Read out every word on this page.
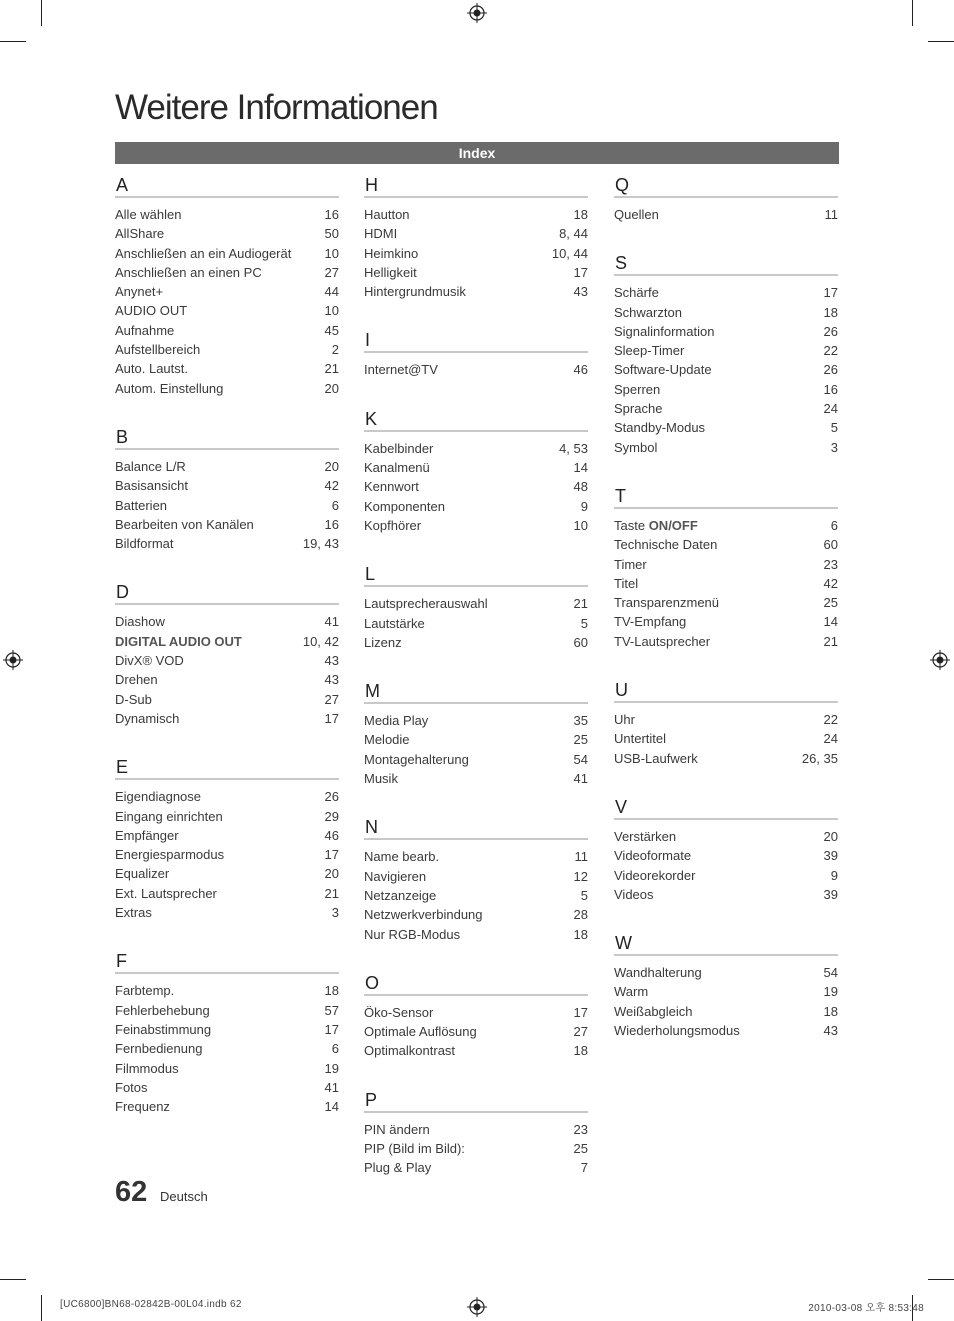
Weitere Informationen
Index
A
Alle wählen	16
AllShare	50
Anschließen an ein Audiogerät	10
Anschließen an einen PC	27
Anynet+	44
AUDIO OUT	10
Aufnahme	45
Aufstellbereich	2
Auto. Lautst.	21
Autom. Einstellung	20
B
Balance L/R	20
Basisansicht	42
Batterien	6
Bearbeiten von Kanälen	16
Bildformat	19, 43
D
Diashow	41
DIGITAL AUDIO OUT	10, 42
DivX® VOD	43
Drehen	43
D-Sub	27
Dynamisch	17
E
Eigendiagnose	26
Eingang einrichten	29
Empfänger	46
Energiesparmodus	17
Equalizer	20
Ext. Lautsprecher	21
Extras	3
F
Farbtemp.	18
Fehlerbehebung	57
Feinabstimmung	17
Fernbedienung	6
Filmmodus	19
Fotos	41
Frequenz	14
H
Hautton	18
HDMI	8, 44
Heimkino	10, 44
Helligkeit	17
Hintergrundmusik	43
I
Internet@TV	46
K
Kabelbinder	4, 53
Kanalmenü	14
Kennwort	48
Komponenten	9
Kopfhörer	10
L
Lautsprecherauswahl	21
Lautstärke	5
Lizenz	60
M
Media Play	35
Melodie	25
Montagehalterung	54
Musik	41
N
Name bearb.	11
Navigieren	12
Netzanzeige	5
Netzwerkverbindung	28
Nur RGB-Modus	18
O
Öko-Sensor	17
Optimale Auflösung	27
Optimalkontrast	18
P
PIN ändern	23
PIP (Bild im Bild):	25
Plug & Play	7
Q
Quellen	11
S
Schärfe	17
Schwarzton	18
Signalinformation	26
Sleep-Timer	22
Software-Update	26
Sperren	16
Sprache	24
Standby-Modus	5
Symbol	3
T
Taste ON/OFF	6
Technische Daten	60
Timer	23
Titel	42
Transparenzmenü	25
TV-Empfang	14
TV-Lautsprecher	21
U
Uhr	22
Untertitel	24
USB-Laufwerk	26, 35
V
Verstärken	20
Videoformate	39
Videorekorder	9
Videos	39
W
Wandhalterung	54
Warm	19
Weißabgleich	18
Wiederholungsmodus	43
62 Deutsch
[UC6800]BN68-02842B-00L04.indb 62	2010-03-08 오후 8:53:48
